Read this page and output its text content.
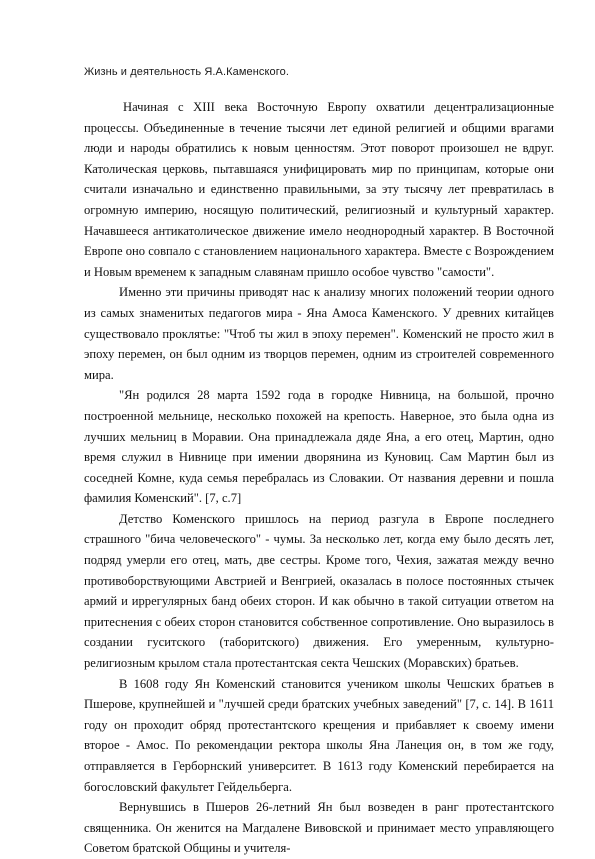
Жизнь и деятельность Я.А.Каменского.

Начиная с XIII века Восточную Европу охватили децентрализационные процессы. Объединенные в течение тысячи лет единой религией и общими врагами люди и народы обратились к новым ценностям. Этот поворот произошел не вдруг. Католическая церковь, пытавшаяся унифицировать мир по принципам, которые они считали изначально и единственно правильными, за эту тысячу лет превратилась в огромную империю, носящую политический, религиозный и культурный характер. Начавшееся антикатолическое движение имело неоднородный характер. В Восточной Европе оно совпало с становлением национального характера. Вместе с Возрождением и Новым временем к западным славянам пришло особое чувство "самости".

Именно эти причины приводят нас к анализу многих положений теории одного из самых знаменитых педагогов мира - Яна Амоса Каменского. У древних китайцев существовало проклятье: "Чтоб ты жил в эпоху перемен". Коменский не просто жил в эпоху перемен, он был одним из творцов перемен, одним из строителей современного мира.

"Ян родился 28 марта 1592 года в городке Нивница, на большой, прочно построенной мельнице, несколько похожей на крепость. Наверное, это была одна из лучших мельниц в Моравии. Она принадлежала дяде Яна, а его отец, Мартин, одно время служил в Нивнице при имении дворянина из Куновиц. Сам Мартин был из соседней Комне, куда семья перебралась из Словакии. От названия деревни и пошла фамилия Коменский". [7, с.7]

Детство Коменского пришлось на период разгула в Европе последнего страшного "бича человеческого" - чумы. За несколько лет, когда ему было десять лет, подряд умерли его отец, мать, две сестры. Кроме того, Чехия, зажатая между вечно противоборствующими Австрией и Венгрией, оказалась в полосе постоянных стычек армий и иррегулярных банд обеих сторон. И как обычно в такой ситуации ответом на притеснения с обеих сторон становится собственное сопротивление. Оно выразилось в создании гуситского (таборитского) движения. Его умеренным, культурно-религиозным крылом стала протестантская секта Чешских (Моравских) братьев.

В 1608 году Ян Коменский становится учеником школы Чешских братьев в Пшерове, крупнейшей и "лучшей среди братских учебных заведений" [7, с. 14]. В 1611 году он проходит обряд протестантского крещения и прибавляет к своему имени второе - Амос. По рекомендации ректора школы Яна Ланеция он, в том же году, отправляется в Герборнский университет. В 1613 году Коменский перебирается на богословский факультет Гейдельберга.

Вернувшись в Пшеров 26-летний Ян был возведен в ранг протестантского священника. Он женится на Магдалене Вивовской и принимает место управляющего Советом братской Общины и учителя-
